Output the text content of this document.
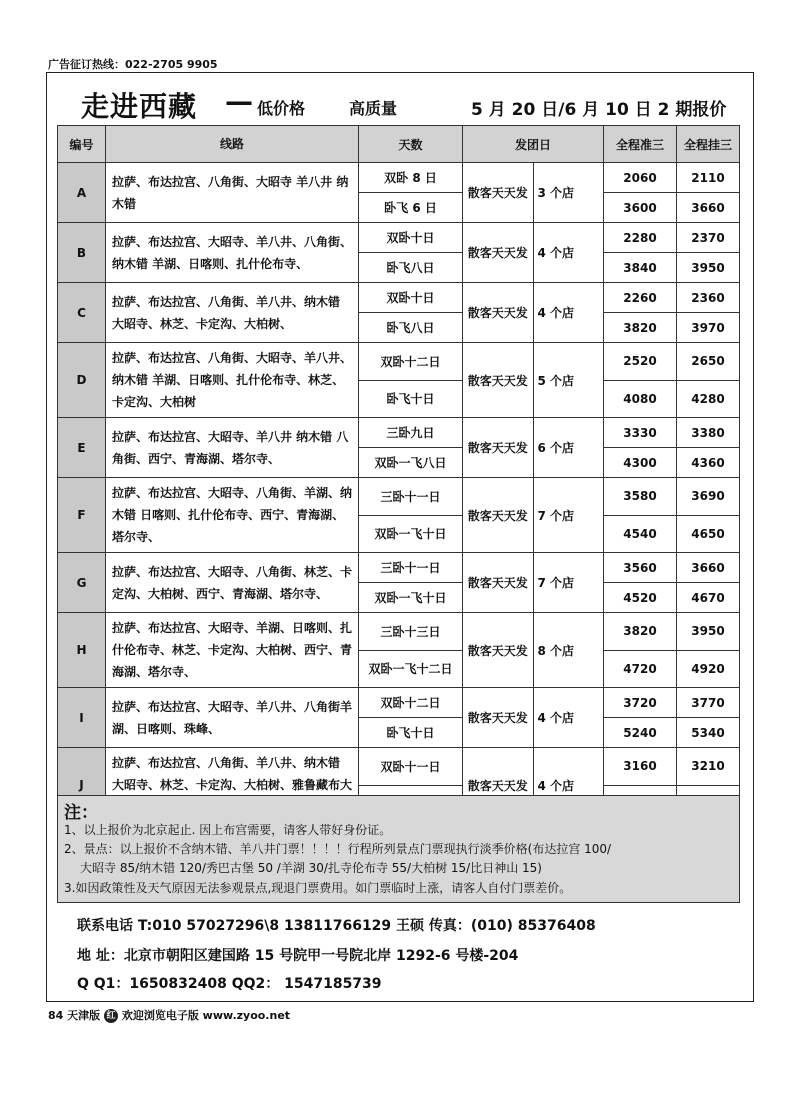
广告征订热线：022-2705 9905
走进西藏 — 低价格	高质量	5 月 20 日/6 月 10 日 2 期报价
编号	线路	天数	发团日		全程准三	全程挂三
A	拉萨、布达拉宫、八角街、大昭寺 羊八井 纳木错	双卧 8 日	散客天天发	3 个店	2060	2110
		卧飞 6 日			3600	3660
B	拉萨、布达拉宫、大昭寺、羊八井、八角街、纳木错 羊湖、日喀则、扎什伦布寺、	双卧十日	散客天天发	4 个店	2280	2370
		卧飞八日			3840	3950
C	拉萨、布达拉宫、八角街、羊八井、纳木错 大昭寺、林芝、卡定沟、大柏树、	双卧十日	散客天天发	4 个店	2260	2360
		卧飞八日			3820	3970
D	拉萨、布达拉宫、八角街、大昭寺、羊八井、纳木错 羊湖、日喀则、扎什伦布寺、林芝、卡定沟、大柏树	双卧十二日	散客天天发	5 个店	2520	2650
		卧飞十日			4080	4280
E	拉萨、布达拉宫、大昭寺、羊八井 纳木错 八角街、西宁、青海湖、塔尔寺、	三卧九日	散客天天发	6 个店	3330	3380
		双卧一飞八日			4300	4360
F	拉萨、布达拉宫、大昭寺、八角街、羊湖、纳木错 日喀则、扎什伦布寺、西宁、青海湖、塔尔寺、	三卧十一日	散客天天发	7 个店	3580	3690
		双卧一飞十日			4540	4650
G	拉萨、布达拉宫、大昭寺、八角街、林芝、卡定沟、大柏树、西宁、青海湖、塔尔寺、	三卧十一日	散客天天发	7 个店	3560	3660
		双卧一飞十日			4520	4670
H	拉萨、布达拉宫、大昭寺、羊湖、日喀则、扎什伦布寺、林芝、卡定沟、大柏树、西宁、青海湖、塔尔寺、	三卧十三日	散客天天发	8 个店	3820	3950
		双卧一飞十二日			4720	4920
I	拉萨、布达拉宫、大昭寺、羊八井、八角街羊湖、日喀则、珠峰、	双卧十二日	散客天天发	4 个店	3720	3770
		卧飞十日			5240	5340
J	拉萨、布达拉宫、八角街、羊八井、纳木错 大昭寺、林芝、卡定沟、大柏树、雅鲁藏布大	双卧十一日	散客天天发	4 个店	3160	3210

注：
1、以上报价为北京起止. 因上布宫需要，请客人带好身份证。
2、景点：以上报价不含纳木错、羊八井门票！！！！行程所列景点门票现执行淡季价格(布达拉宫 100/
大昭寺 85/纳木错 120/秀巴古堡 50 /羊湖 30/扎寺伦布寺 55/大柏树 15/比日神山 15)
3.如因政策性及天气原因无法参观景点,现退门票费用。如门票临时上涨，请客人自付门票差价。
联系电话 T:010 57027296\8 13811766129 王硕 传真：(010) 85376408
地 址：北京市朝阳区建国路 15 号院甲一号院北岸 1292-6 号楼-204
Q Q1：1650832408 QQ2： 1547185739
84 天津版 红 欢迎浏览电子版 www.zyoo.net
